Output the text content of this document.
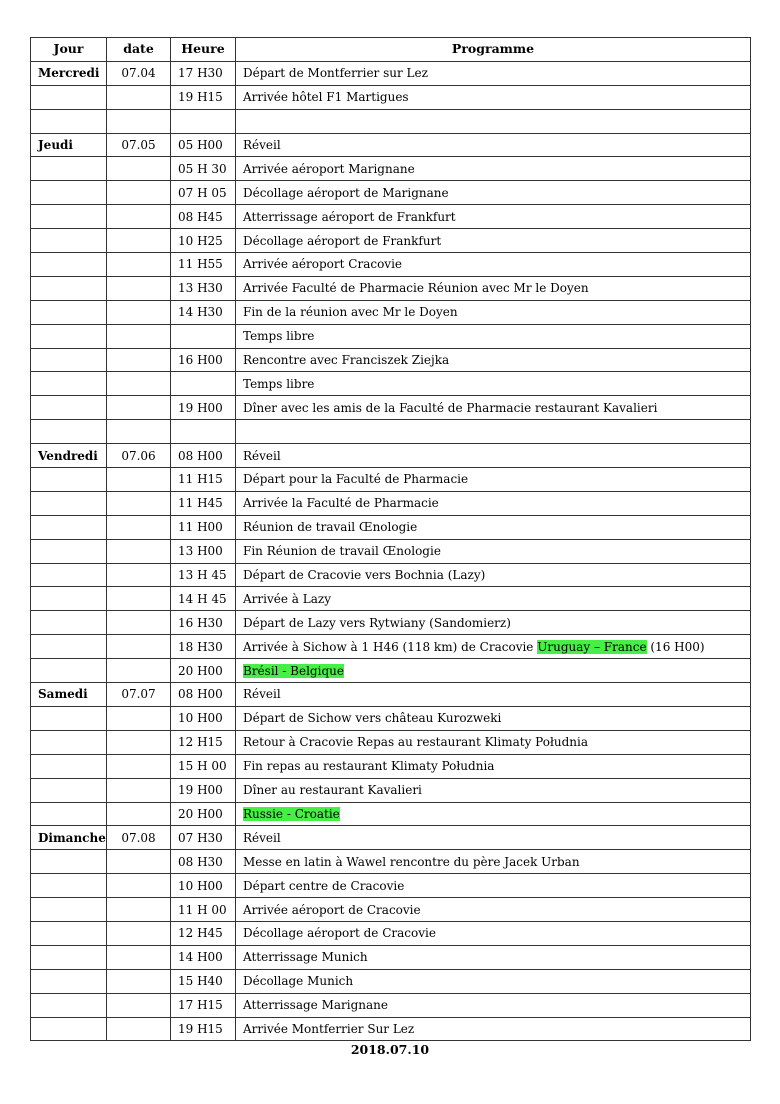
Jour	date	Heure	Programme
Mercredi	07.04	17 H30	Départ de Montferrier sur Lez
		19 H15	Arrivée hôtel F1 Martigues

Jeudi	07.05	05 H00	Réveil
		05 H 30	Arrivée aéroport Marignane
		07 H 05	Décollage aéroport de Marignane
		08 H45	Atterrissage aéroport de Frankfurt
		10 H25	Décollage aéroport de Frankfurt
		11 H55	Arrivée aéroport Cracovie
		13 H30	Arrivée Faculté de Pharmacie Réunion avec Mr le Doyen
		14 H30	Fin de la réunion avec Mr le Doyen
			Temps libre
		16 H00	Rencontre avec Franciszek Ziejka
			Temps libre
		19 H00	Dîner avec les amis de la Faculté de Pharmacie restaurant Kavalieri

Vendredi	07.06	08 H00	Réveil
		11 H15	Départ pour la Faculté de Pharmacie
		11 H45	Arrivée la Faculté de Pharmacie
		11 H00	Réunion de travail Œnologie
		13 H00	Fin Réunion de travail Œnologie
		13 H 45	Départ de Cracovie vers Bochnia (Lazy)
		14 H 45	Arrivée à Lazy
		16 H30	Départ de Lazy vers Rytwiany (Sandomierz)
		18 H30	Arrivée à Sichow à 1 H46 (118 km) de Cracovie Uruguay – France (16 H00)
		20 H00	Brésil - Belgique
Samedi	07.07	08 H00	Réveil
		10 H00	Départ de Sichow vers château Kurozweki
		12 H15	Retour à Cracovie Repas au restaurant Klimaty Południa
		15 H 00	Fin repas au restaurant Klimaty Południa
		19 H00	Dîner au restaurant Kavalieri
		20 H00	Russie - Croatie
Dimanche	07.08	07 H30	Réveil
		08 H30	Messe en latin à Wawel rencontre du père Jacek Urban
		10 H00	Départ centre de Cracovie
		11 H 00	Arrivée aéroport de Cracovie
		12 H45	Décollage aéroport de Cracovie
		14 H00	Atterrissage Munich
		15 H40	Décollage Munich
		17 H15	Atterrissage Marignane
		19 H15	Arrivée Montferrier Sur Lez
2018.07.10
